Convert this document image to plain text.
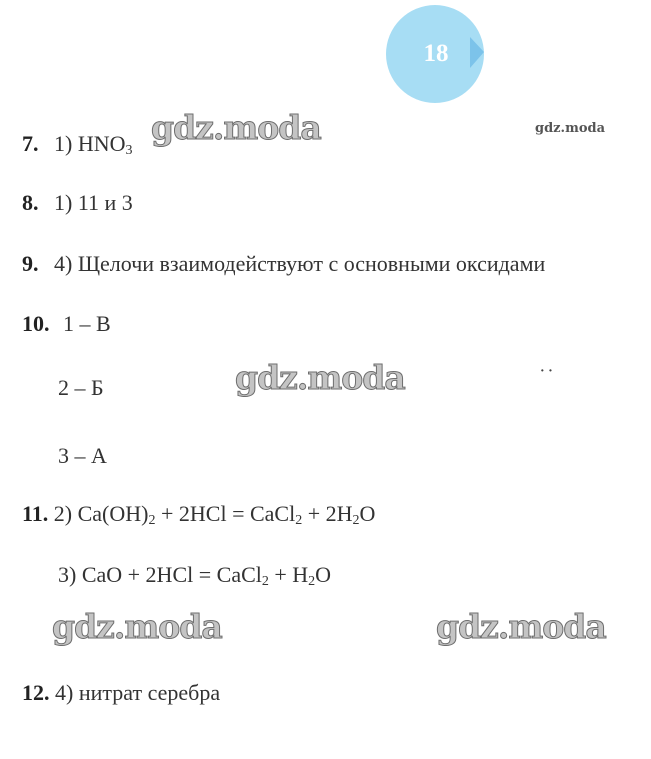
18
gdz.moda	gdz.moda
gdz.moda	· ·
gdz.moda	gdz.moda
7. 1) $HNO_3$
8. 1) 11 и 3
9. 4) Щелочи взаимодействуют с основными оксидами
10. 1 – В
2 – Б
3 – А
11. 2) $Ca(OH)_2 + 2HCl$ = CaCl$_2$ + $2H_2O$
3) CaO + 2HCl = CaCl$_2$ + $H_2O$
12. 4) нитрат серебра
